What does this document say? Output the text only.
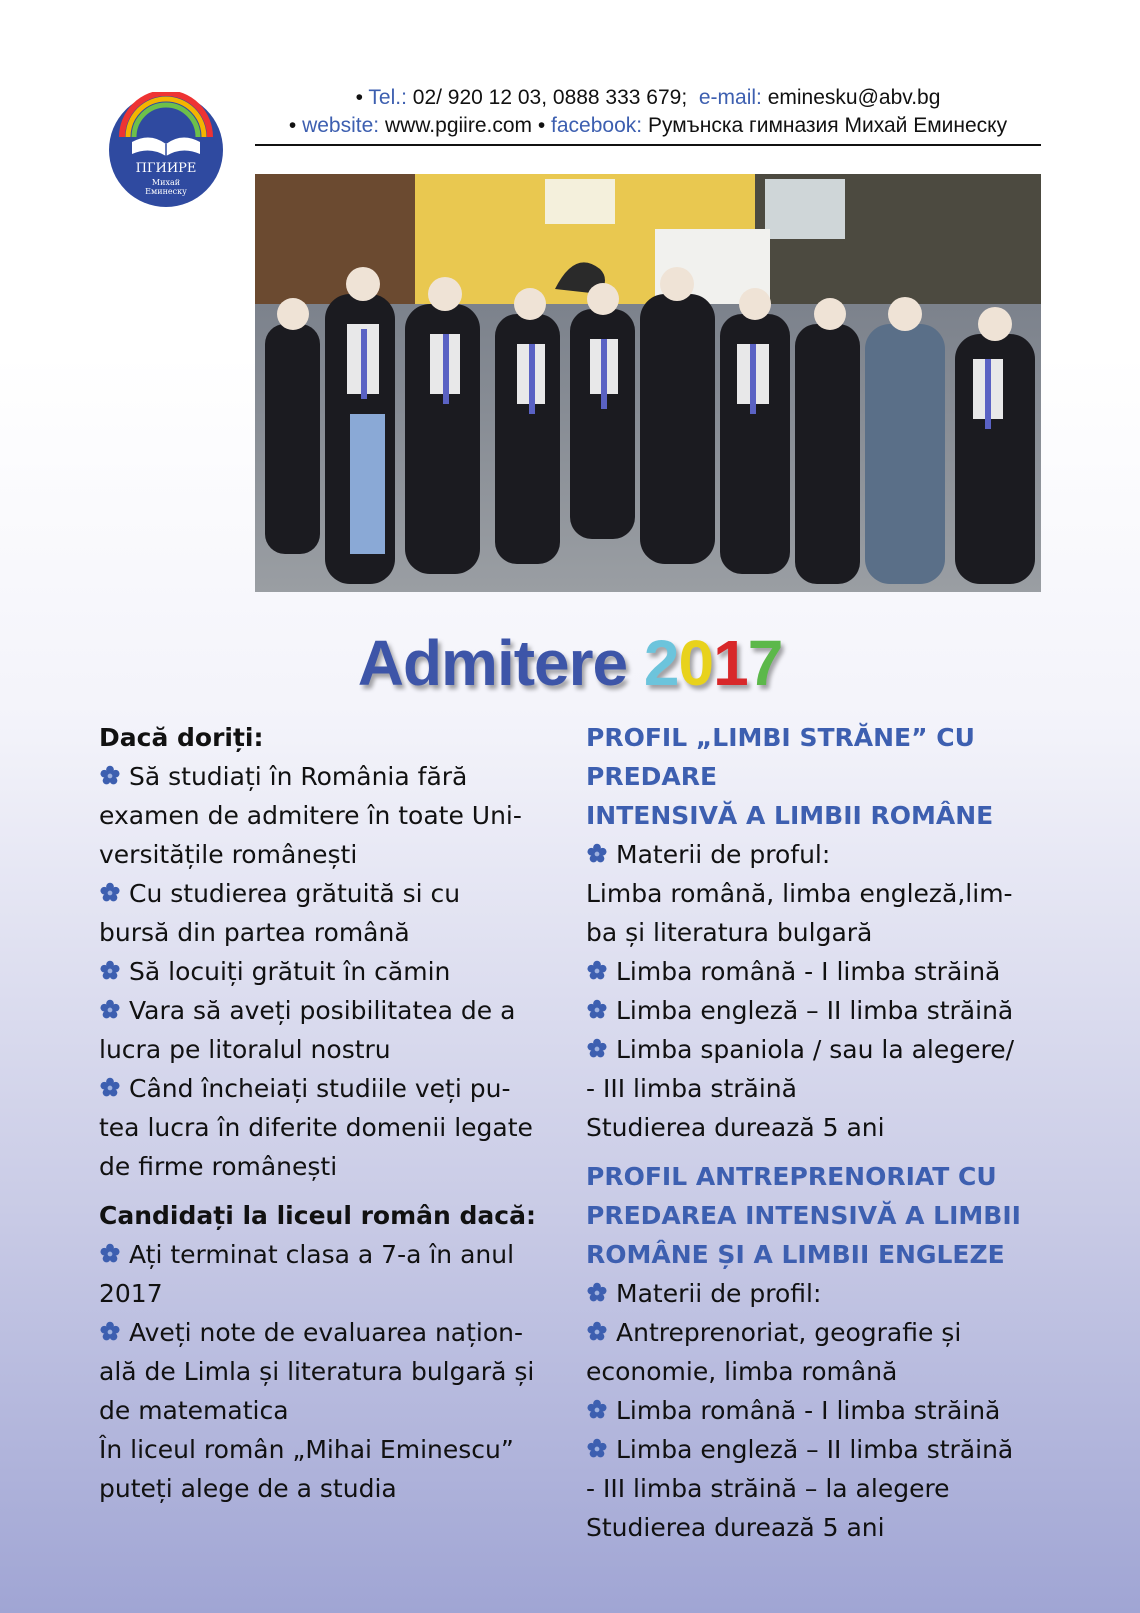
ПГИИРЕ
Михай
Еминеску
• Tel.: 02/ 920 12 03, 0888 333 679; e-mail: eminesku@abv.bg
• website: www.pgiire.com • facebook: Румънска гимназия Михай Еминеску
Admitere 2017

Dacă doriți:

Să studiați în România fără

examen de admitere în toate Uni-

versitățile românești

Cu studierea grătuită si cu

bursă din partea română

Să locuiți grătuit în cămin

Vara să aveți posibilitatea de a

lucra pe litoralul nostru

Când încheiați studiile veți pu-

tea lucra în diferite domenii legate

de firme românești

Candidați la liceul român dacă:

Ați terminat clasa a 7-a în anul

2017

Aveți note de evaluarea națion-

ală de Limla și literatura bulgară și

de matematica

În liceul român „Mihai Eminescu”

puteți alege de a studia

PROFIL „LIMBI STRĂNE” CU PREDARE

INTENSIVĂ A LIMBII ROMÂNE

Materii de proful:

Limba română, limba engleză,lim-

ba și literatura bulgară

Limba română - I limba străină

Limba engleză – II limba străină

Limba spaniola / sau la alegere/

- III limba străină

Studierea durează 5 ani

PROFIL ANTREPRENORIAT CU

PREDAREA INTENSIVĂ A LIMBII

ROMÂNE ȘI A LIMBII ENGLEZE

Materii de profil:

Antreprenoriat, geografie și

economie, limba română

Limba română - I limba străină

Limba engleză – II limba străină

- III limba străină – la alegere

Studierea durează 5 ani
